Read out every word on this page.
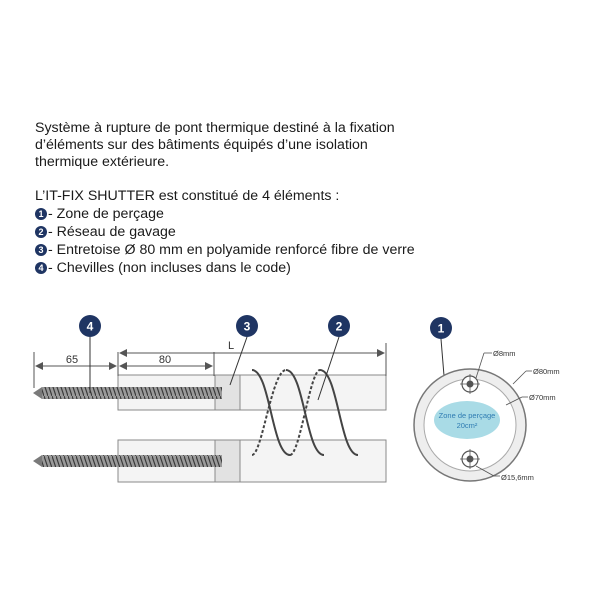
Système à rupture de pont thermique destiné à la fixation

d’éléments sur des bâtiments équipés d’une isolation

thermique extérieure.

L’IT-FIX SHUTTER est constitué de 4 éléments :

1 - Zone de perçage
2 - Réseau de gavage
3 - Entretoise Ø 80 mm en polyamide renforcé fibre de verre
4 - Chevilles (non incluses dans le code)
65	80
L
4	3	2	1
Zone de perçage
20cm²
Ø8mm
Ø80mm
Ø70mm
Ø15,6mm
